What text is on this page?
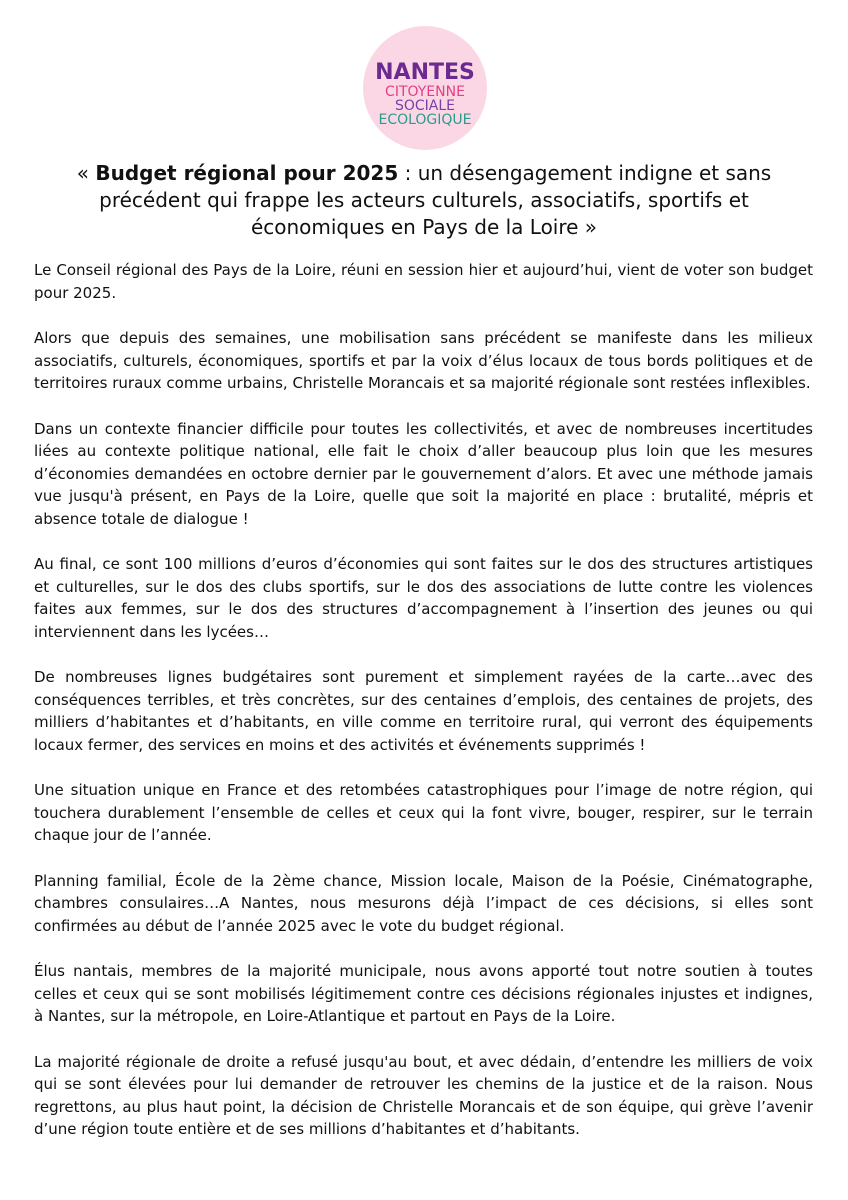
NANTES
CITOYENNE
SOCIALE
ECOLOGIQUE
« Budget régional pour 2025 : un désengagement indigne et sans précédent qui frappe les acteurs culturels, associatifs, sportifs et économiques en Pays de la Loire »

Le Conseil régional des Pays de la Loire, réuni en session hier et aujourd’hui, vient de voter son budget pour 2025.

Alors que depuis des semaines, une mobilisation sans précédent se manifeste dans les milieux associatifs, culturels, économiques, sportifs et par la voix d’élus locaux de tous bords politiques et de territoires ruraux comme urbains, Christelle Morancais et sa majorité régionale sont restées inflexibles.

Dans un contexte financier difficile pour toutes les collectivités, et avec de nombreuses incertitudes liées au contexte politique national, elle fait le choix d’aller beaucoup plus loin que les mesures d’économies demandées en octobre dernier par le gouvernement d’alors. Et avec une méthode jamais vue jusqu'à présent, en Pays de la Loire, quelle que soit la majorité en place : brutalité, mépris et absence totale de dialogue !

Au final, ce sont 100 millions d’euros d’économies qui sont faites sur le dos des structures artistiques et culturelles, sur le dos des clubs sportifs, sur le dos des associations de lutte contre les violences faites aux femmes, sur le dos des structures d’accompagnement à l’insertion des jeunes ou qui interviennent dans les lycées…

De nombreuses lignes budgétaires sont purement et simplement rayées de la carte…avec des conséquences terribles, et très concrètes, sur des centaines d’emplois, des centaines de projets, des milliers d’habitantes et d’habitants, en ville comme en territoire rural, qui verront des équipements locaux fermer, des services en moins et des activités et événements supprimés !

Une situation unique en France et des retombées catastrophiques pour l’image de notre région, qui touchera durablement l’ensemble de celles et ceux qui la font vivre, bouger, respirer, sur le terrain chaque jour de l’année.

Planning familial, École de la 2ème chance, Mission locale, Maison de la Poésie, Cinématographe, chambres consulaires…A Nantes, nous mesurons déjà l’impact de ces décisions, si elles sont confirmées au début de l’année 2025 avec le vote du budget régional.

Élus nantais, membres de la majorité municipale, nous avons apporté tout notre soutien à toutes celles et ceux qui se sont mobilisés légitimement contre ces décisions régionales injustes et indignes, à Nantes, sur la métropole, en Loire-Atlantique et partout en Pays de la Loire.

La majorité régionale de droite a refusé jusqu'au bout, et avec dédain, d’entendre les milliers de voix qui se sont élevées pour lui demander de retrouver les chemins de la justice et de la raison. Nous regrettons, au plus haut point, la décision de Christelle Morancais et de son équipe, qui grève l’avenir d’une région toute entière et de ses millions d’habitantes et d’habitants.
